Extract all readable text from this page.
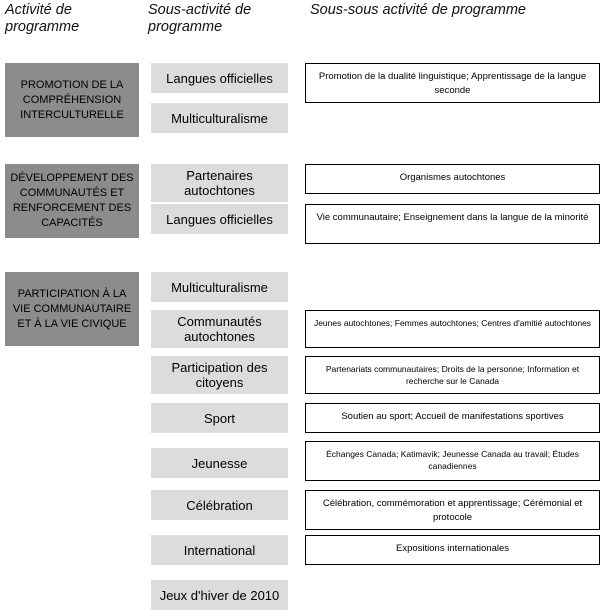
Activité de programme
Sous-activité de programme
Sous-sous activité de programme
PROMOTION DE LA COMPRÉHENSION INTERCULTURELLE
DÉVELOPPEMENT DES COMMUNAUTÉS ET RENFORCEMENT DES CAPACITÉS
PARTICIPATION À LA VIE COMMUNAUTAIRE ET À LA VIE CIVIQUE
Langues officielles
Multiculturalisme
Partenaires autochtones
Langues officielles
Multiculturalisme
Communautés autochtones
Participation des citoyens
Sport
Jeunesse
Célébration
International
Jeux d'hiver de 2010
Promotion de la dualité linguistique; Apprentissage de la langue seconde
Organismes autochtones
Vie communautaire; Enseignement dans la langue de la minorité
Jeunes autochtones; Femmes autochtones; Centres d'amitié autochtones
Partenariats communautaires; Droits de la personne; Information et recherche sur le Canada
Soutien au sport; Accueil de manifestations sportives
Échanges Canada; Katimavik; Jeunesse Canada au travail; Études canadiennes
Célébration, commémoration et apprentissage; Cérémonial et protocole
Expositions internationales
